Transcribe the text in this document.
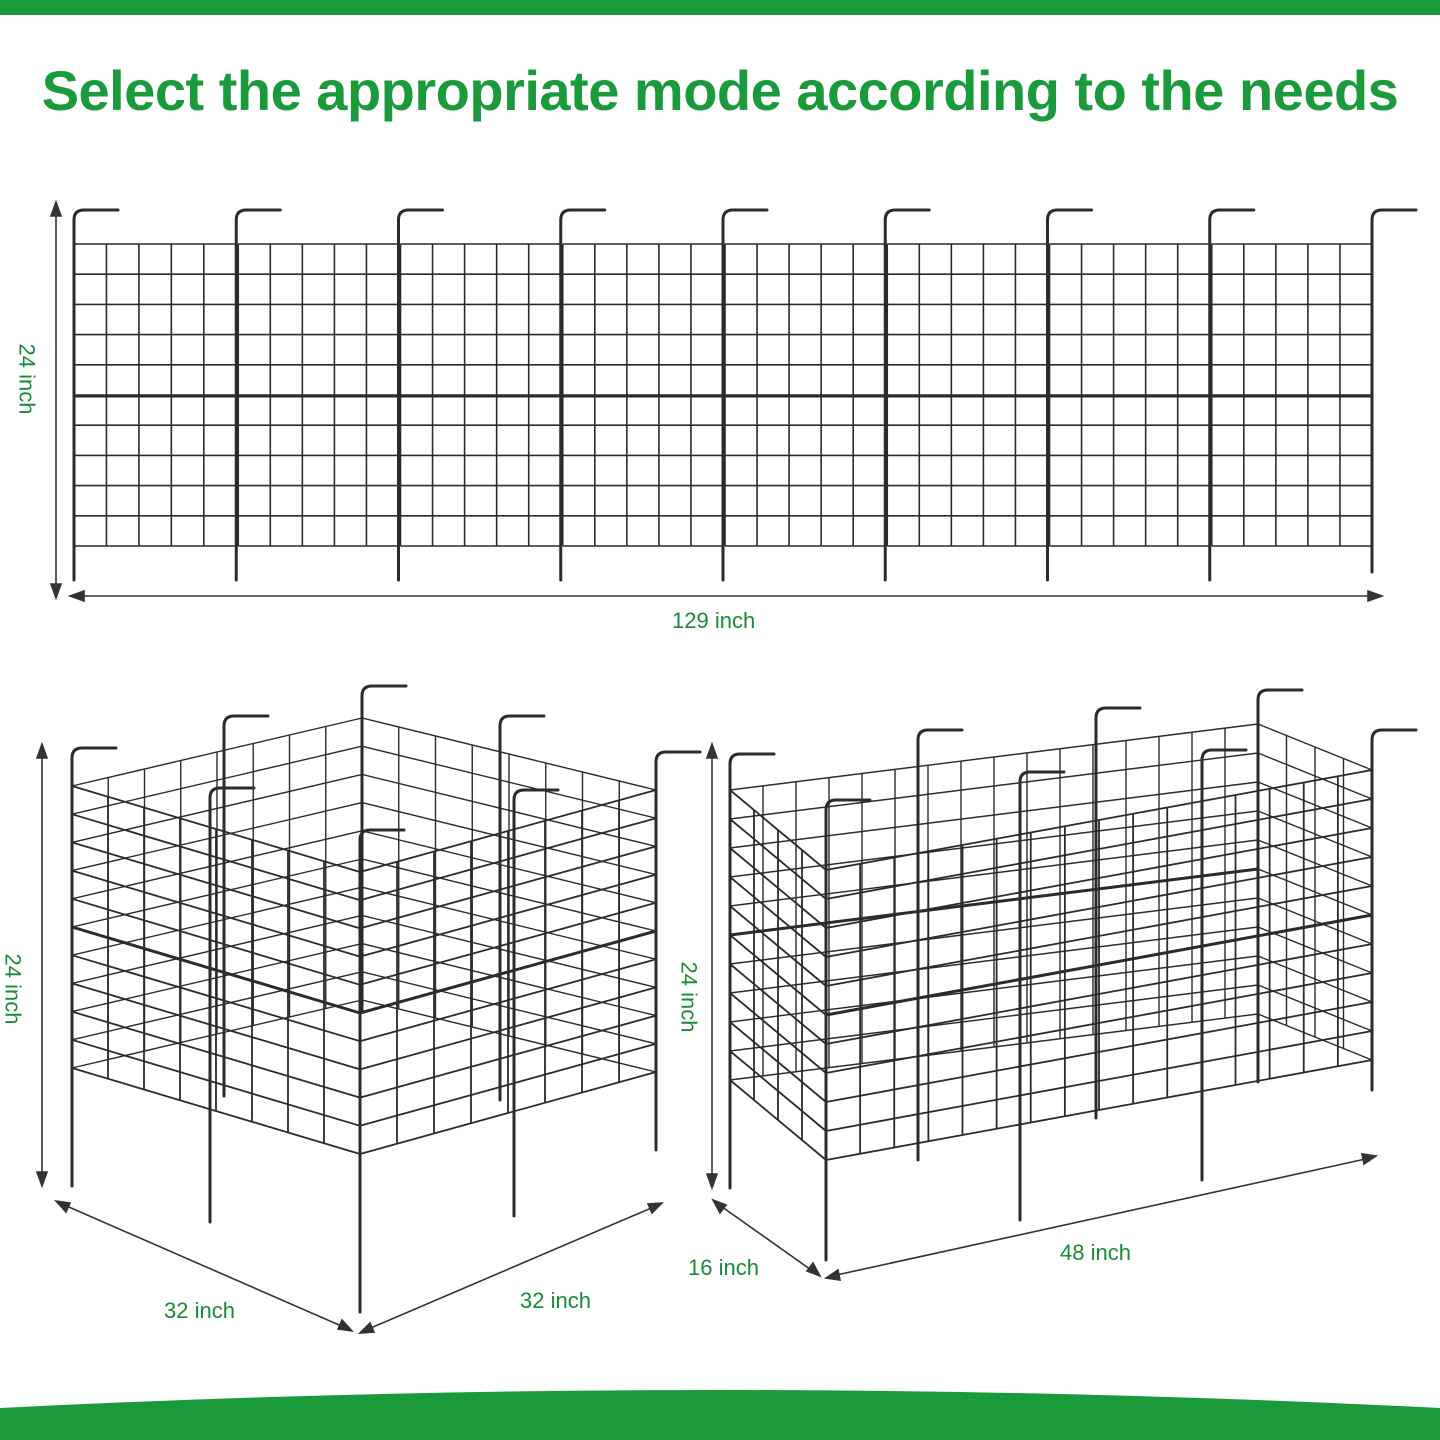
Select the appropriate mode according to the needs
24 inch
129 inch
24 inch
32 inch	32 inch
24 inch
16 inch
48 inch
